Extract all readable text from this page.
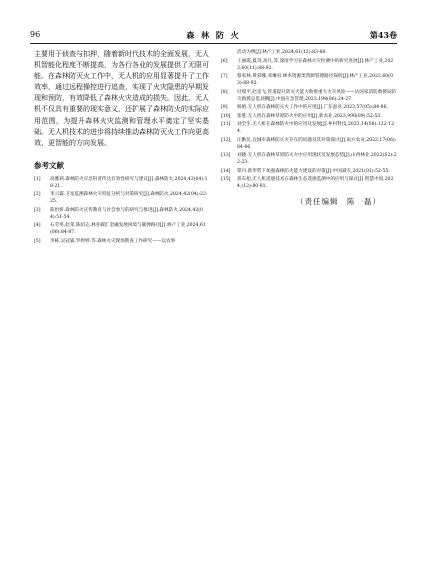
96	森 林 防 火	第43卷

主要用于侦查与扣押，随着新时代技术的全面发展，无人机智能化程度不断提高，为各行各业的发展提供了无限可能。在森林防灭火工作中，无人机的应用显著提升了工作效率，通过远程操控进行追查，实现了火灾隐患的早期发现和预防，有效降低了森林火灾造成的损失。因此，无人机不仅具有重要的现实意义，还扩展了森林防火的实际应用范围，为提升森林火灾监测和管理水平奠定了坚实基础。无人机技术的进步将持续推动森林防灭火工作向更高效、更智能的方向发展。

参考文献
[1]	高雅莉.森林防火应急科普传达有效性研究与建议[J].森林防火,2024,42(04):18-21.
[2]	李云霖.卫星监测森林火灾特征分析与对策研究[J].森林防火,2024,42(04):22-25.
[3]	陈怡妍.森林防火宣传教育与社会参与的研究与推进[J].森林防火,2024,42(04):51-54.
[4]	石劳男,赵荣,陈绍志.林业碳汇金融发展困境与碳弹路径[J].林产工业,2024,61(06):84-87.
[5]	李栋,吴冠霖,罗婷婷.等.森林火灾现场勘查工作研究——以农事
活动为例[J].林产工业,2024,61(12):83-88.
[6]	王丽霞,夏哥,高凡,等.深度学习在森林火灾检测中的研究进展[J].林产工业,2023,60(11):88-92.
[7]	蔡家林,黄彩娜,邓琳君.林木资源类资源管理路径探析[J].林产工业,2023,60(03):88-92.
[8]	付瑞平,赵彦飞.管道提升防灭火能力助推重大火灾风险——访国家消防救援局防灾救援总监刘腾[J].中国应急管理,2023.198(06):24-27.
[9]	杨娟.无人机在森林防灭火工作中的应用[J].广东蚕业,2023,57(05):84-86.
[10]	张胜.无人机在森林草原防火中的应用[J].新农业,2023,990(09):52-53.
[11]	刘全生.无人机在森林防火中的应用及发展[J].乡村科技,2023,14(08):122-124.
[12]	汪勤民,宜城市森林防灭火存在的问题及其对策探讨[J].南方农业,2023,17(06):84-86.
[13]	刘晓.无人机在森林草原防灭火中应用现状及发展态势[J].山西林业,2022(S2):22-23.
[14]	覃丹.新形势下加强森林防火能力建设的对策[J].中国减灾,2021(01):52-55.
[15]	蒋东旭.无人机遥感技术在森林生态遥感监测中的应用与探讨[J].智慧中国,2024,(12):80-81.
（责任编辑　陈　磊）
